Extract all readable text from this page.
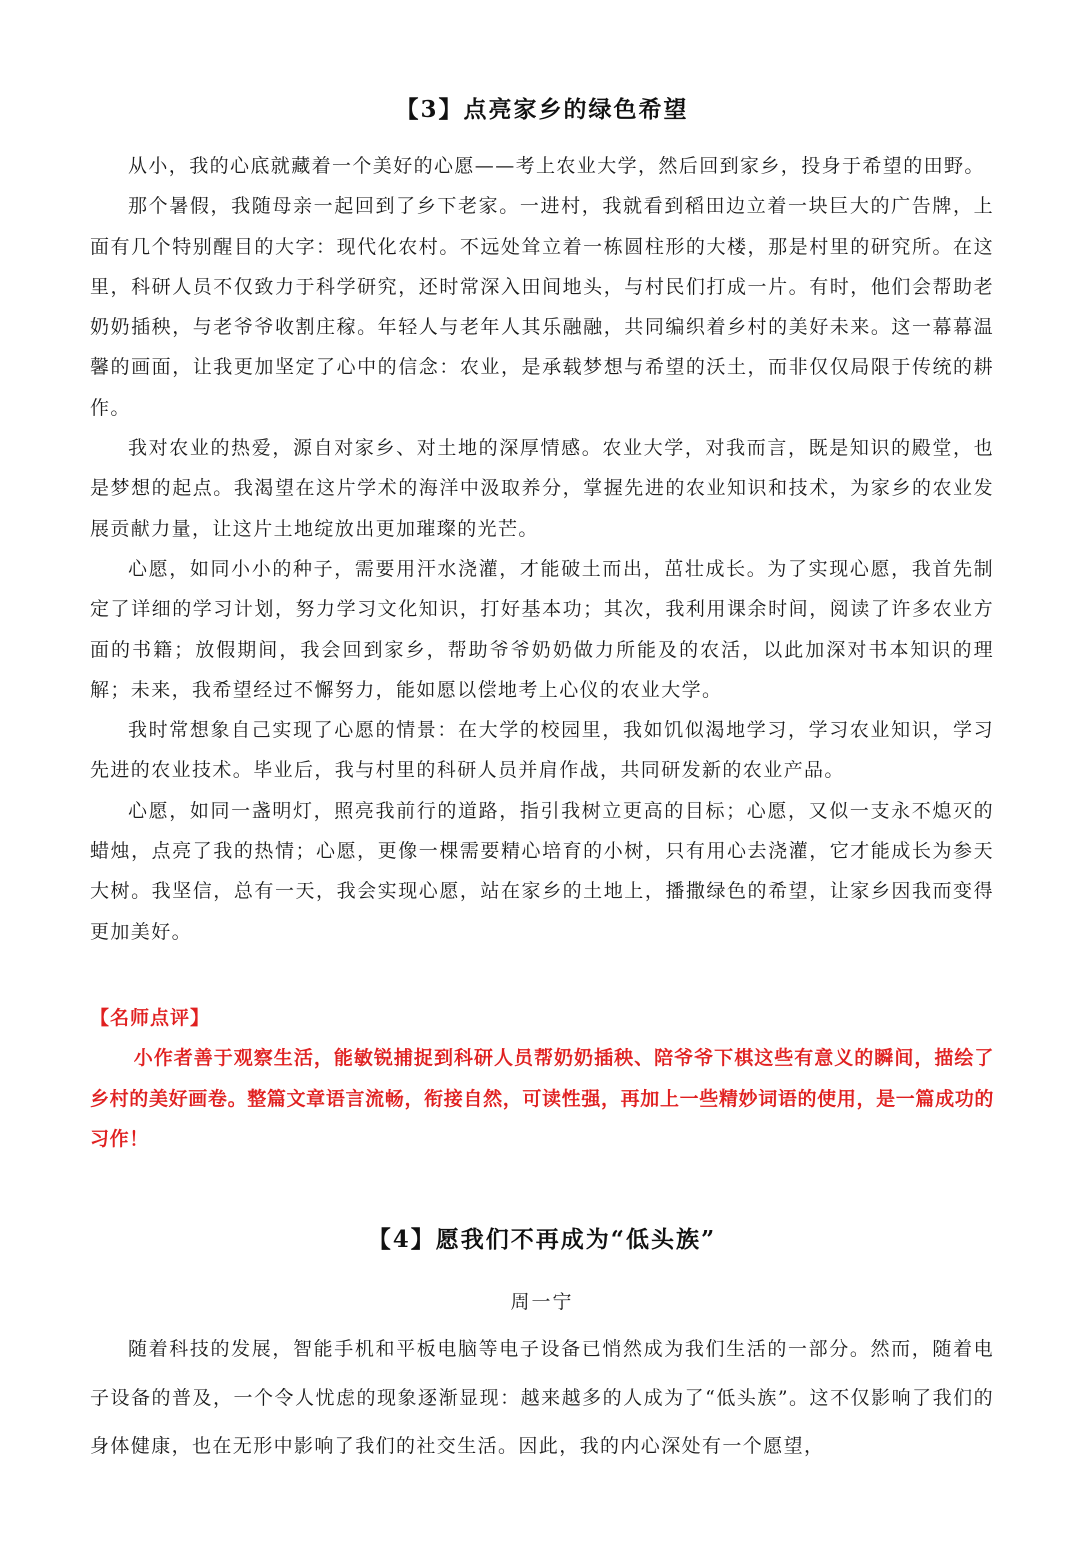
【3】点亮家乡的绿色希望

从小，我的心底就藏着一个美好的心愿——考上农业大学，然后回到家乡，投身于希望的田野。

那个暑假，我随母亲一起回到了乡下老家。一进村，我就看到稻田边立着一块巨大的广告牌，上面有几个特别醒目的大字：现代化农村。不远处耸立着一栋圆柱形的大楼，那是村里的研究所。在这里，科研人员不仅致力于科学研究，还时常深入田间地头，与村民们打成一片。有时，他们会帮助老奶奶插秧，与老爷爷收割庄稼。年轻人与老年人其乐融融，共同编织着乡村的美好未来。这一幕幕温馨的画面，让我更加坚定了心中的信念：农业，是承载梦想与希望的沃土，而非仅仅局限于传统的耕作。

我对农业的热爱，源自对家乡、对土地的深厚情感。农业大学，对我而言，既是知识的殿堂，也是梦想的起点。我渴望在这片学术的海洋中汲取养分，掌握先进的农业知识和技术，为家乡的农业发展贡献力量，让这片土地绽放出更加璀璨的光芒。

心愿，如同小小的种子，需要用汗水浇灌，才能破土而出，茁壮成长。为了实现心愿，我首先制定了详细的学习计划，努力学习文化知识，打好基本功；其次，我利用课余时间，阅读了许多农业方面的书籍；放假期间，我会回到家乡，帮助爷爷奶奶做力所能及的农活，以此加深对书本知识的理解；未来，我希望经过不懈努力，能如愿以偿地考上心仪的农业大学。

我时常想象自己实现了心愿的情景：在大学的校园里，我如饥似渴地学习，学习农业知识，学习先进的农业技术。毕业后，我与村里的科研人员并肩作战，共同研发新的农业产品。

心愿，如同一盏明灯，照亮我前行的道路，指引我树立更高的目标；心愿，又似一支永不熄灭的蜡烛，点亮了我的热情；心愿，更像一棵需要精心培育的小树，只有用心去浇灌，它才能成长为参天大树。我坚信，总有一天，我会实现心愿，站在家乡的土地上，播撒绿色的希望，让家乡因我而变得更加美好。

【名师点评】

小作者善于观察生活，能敏锐捕捉到科研人员帮奶奶插秧、陪爷爷下棋这些有意义的瞬间，描绘了乡村的美好画卷。整篇文章语言流畅，衔接自然，可读性强，再加上一些精妙词语的使用，是一篇成功的习作！

【4】愿我们不再成为“低头族”

周一宁

随着科技的发展，智能手机和平板电脑等电子设备已悄然成为我们生活的一部分。然而，随着电子设备的普及，一个令人忧虑的现象逐渐显现：越来越多的人成为了“低头族”。这不仅影响了我们的身体健康，也在无形中影响了我们的社交生活。因此，我的内心深处有一个愿望，
